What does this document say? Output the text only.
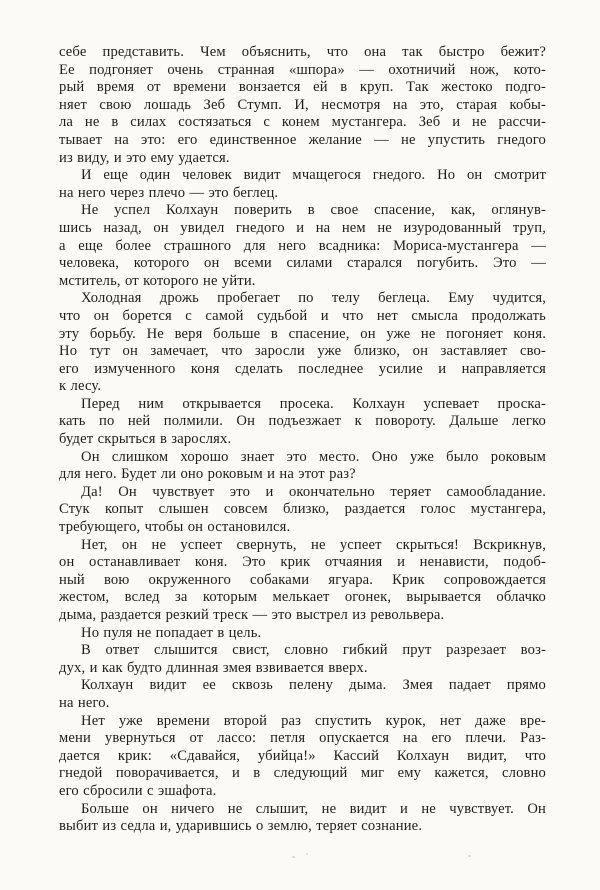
себе представить. Чем объяснить, что она так быстро бежит?
Ее подгоняет очень странная «шпора» — охотничий нож, кото-
рый время от времени вонзается ей в круп. Так жестоко подго-
няет свою лошадь Зеб Стумп. И, несмотря на это, старая кобы-
ла не в силах состязаться с конем мустангера. Зеб и не рассчи-
тывает на это: его единственное желание — не упустить гнедого
из виду, и это ему удается.
И еще один человек видит мчащегося гнедого. Но он смотрит
на него через плечо — это беглец.
Не успел Колхаун поверить в свое спасение, как, оглянув-
шись назад, он увидел гнедого и на нем не изуродованный труп,
а еще более страшного для него всадника: Мориса-мустангера —
человека, которого он всеми силами старался погубить. Это —
мститель, от которого не уйти.
Холодная дрожь пробегает по телу беглеца. Ему чудится,
что он борется с самой судьбой и что нет смысла продолжать
эту борьбу. Не веря больше в спасение, он уже не погоняет коня.
Но тут он замечает, что заросли уже близко, он заставляет сво-
его измученного коня сделать последнее усилие и направляется
к лесу.
Перед ним открывается просека. Колхаун успевает проска-
кать по ней полмили. Он подъезжает к повороту. Дальше легко
будет скрыться в зарослях.
Он слишком хорошо знает это место. Оно уже было роковым
для него. Будет ли оно роковым и на этот раз?
Да! Он чувствует это и окончательно теряет самообладание.
Стук копыт слышен совсем близко, раздается голос мустангера,
требующего, чтобы он остановился.
Нет, он не успеет свернуть, не успеет скрыться! Вскрикнув,
он останавливает коня. Это крик отчаяния и ненависти, подоб-
ный вою окруженного собаками ягуара. Крик сопровождается
жестом, вслед за которым мелькает огонек, вырывается облачко
дыма, раздается резкий треск — это выстрел из револьвера.
Но пуля не попадает в цель.
В ответ слышится свист, словно гибкий прут разрезает воз-
дух, и как будто длинная змея взвивается вверх.
Колхаун видит ее сквозь пелену дыма. Змея падает прямо
на него.
Нет уже времени второй раз спустить курок, нет даже вре-
мени увернуться от лассо: петля опускается на его плечи. Раз-
дается крик: «Сдавайся, убийца!» Кассий Колхаун видит, что
гнедой поворачивается, и в следующий миг ему кажется, словно
его сбросили с эшафота.
Больше он ничего не слышит, не видит и не чувствует. Он
выбит из седла и, ударившись о землю, теряет сознание.
